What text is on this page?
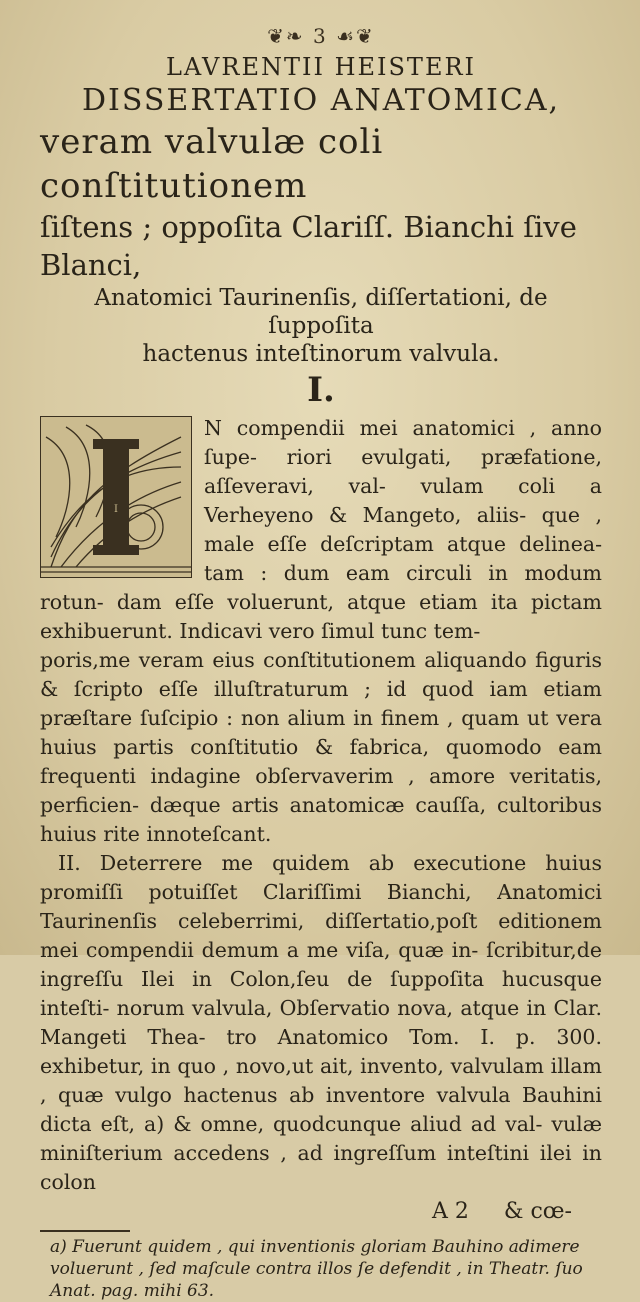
❦❧ 3 ☙❦

LAVRENTII HEISTERI

DISSERTATIO ANATOMICA,

veram valvulæ coli conſtitutionem

ſiſtens ; oppoſita Clariſſ. Bianchi ſive Blanci,

Anatomici Taurinenſis, diſſertationi, de ſuppoſita

hactenus inteſtinorum valvula.

I.
I

N compendii mei anatomici , anno ſupe- riori evulgati, præfatione, aſſeveravi, val- vulam coli a Verheyeno & Mangeto, aliis- que , male eſſe deſcriptam atque delinea- tam : dum eam circuli in modum rotun- dam eſſe voluerunt, atque etiam ita pictam exhibuerunt. Indicavi vero ſimul tunc tem-

poris,me veram eius conſtitutionem aliquando figuris & ſcripto eſſe illuſtraturum ; id quod iam etiam præſtare ſuſcipio : non alium in finem , quam ut vera huius partis conſtitutio & fabrica, quomodo eam frequenti indagine obſervaverim , amore veritatis, perficien- dæque artis anatomicæ cauſſa, cultoribus huius rite innoteſcant.

II. Deterrere me quidem ab executione huius promiſſi potuiſſet Clariſſimi Bianchi, Anatomici Taurinenſis celeberrimi, diſſertatio,poſt editionem mei compendii demum a me viſa, quæ in- ſcribitur,de ingreſſu Ilei in Colon,ſeu de ſuppoſita hucusque inteſti- norum valvula, Obſervatio nova, atque in Clar. Mangeti Thea- tro Anatomico Tom. I. p. 300. exhibetur, in quo , novo,ut ait, invento, valvulam illam , quæ vulgo hactenus ab inventore valvula Bauhini dicta eſt, a) & omne, quodcunque aliud ad val- vulæ miniſterium accedens , ad ingreſſum inteſtini ilei in colon

A 2 & cœ-
a) Fuerunt quidem , qui inventionis gloriam Bauhino adimere voluerunt , ſed maſcule contra illos ſe defendit , in Theatr. ſuo Anat. pag. mihi 63.
